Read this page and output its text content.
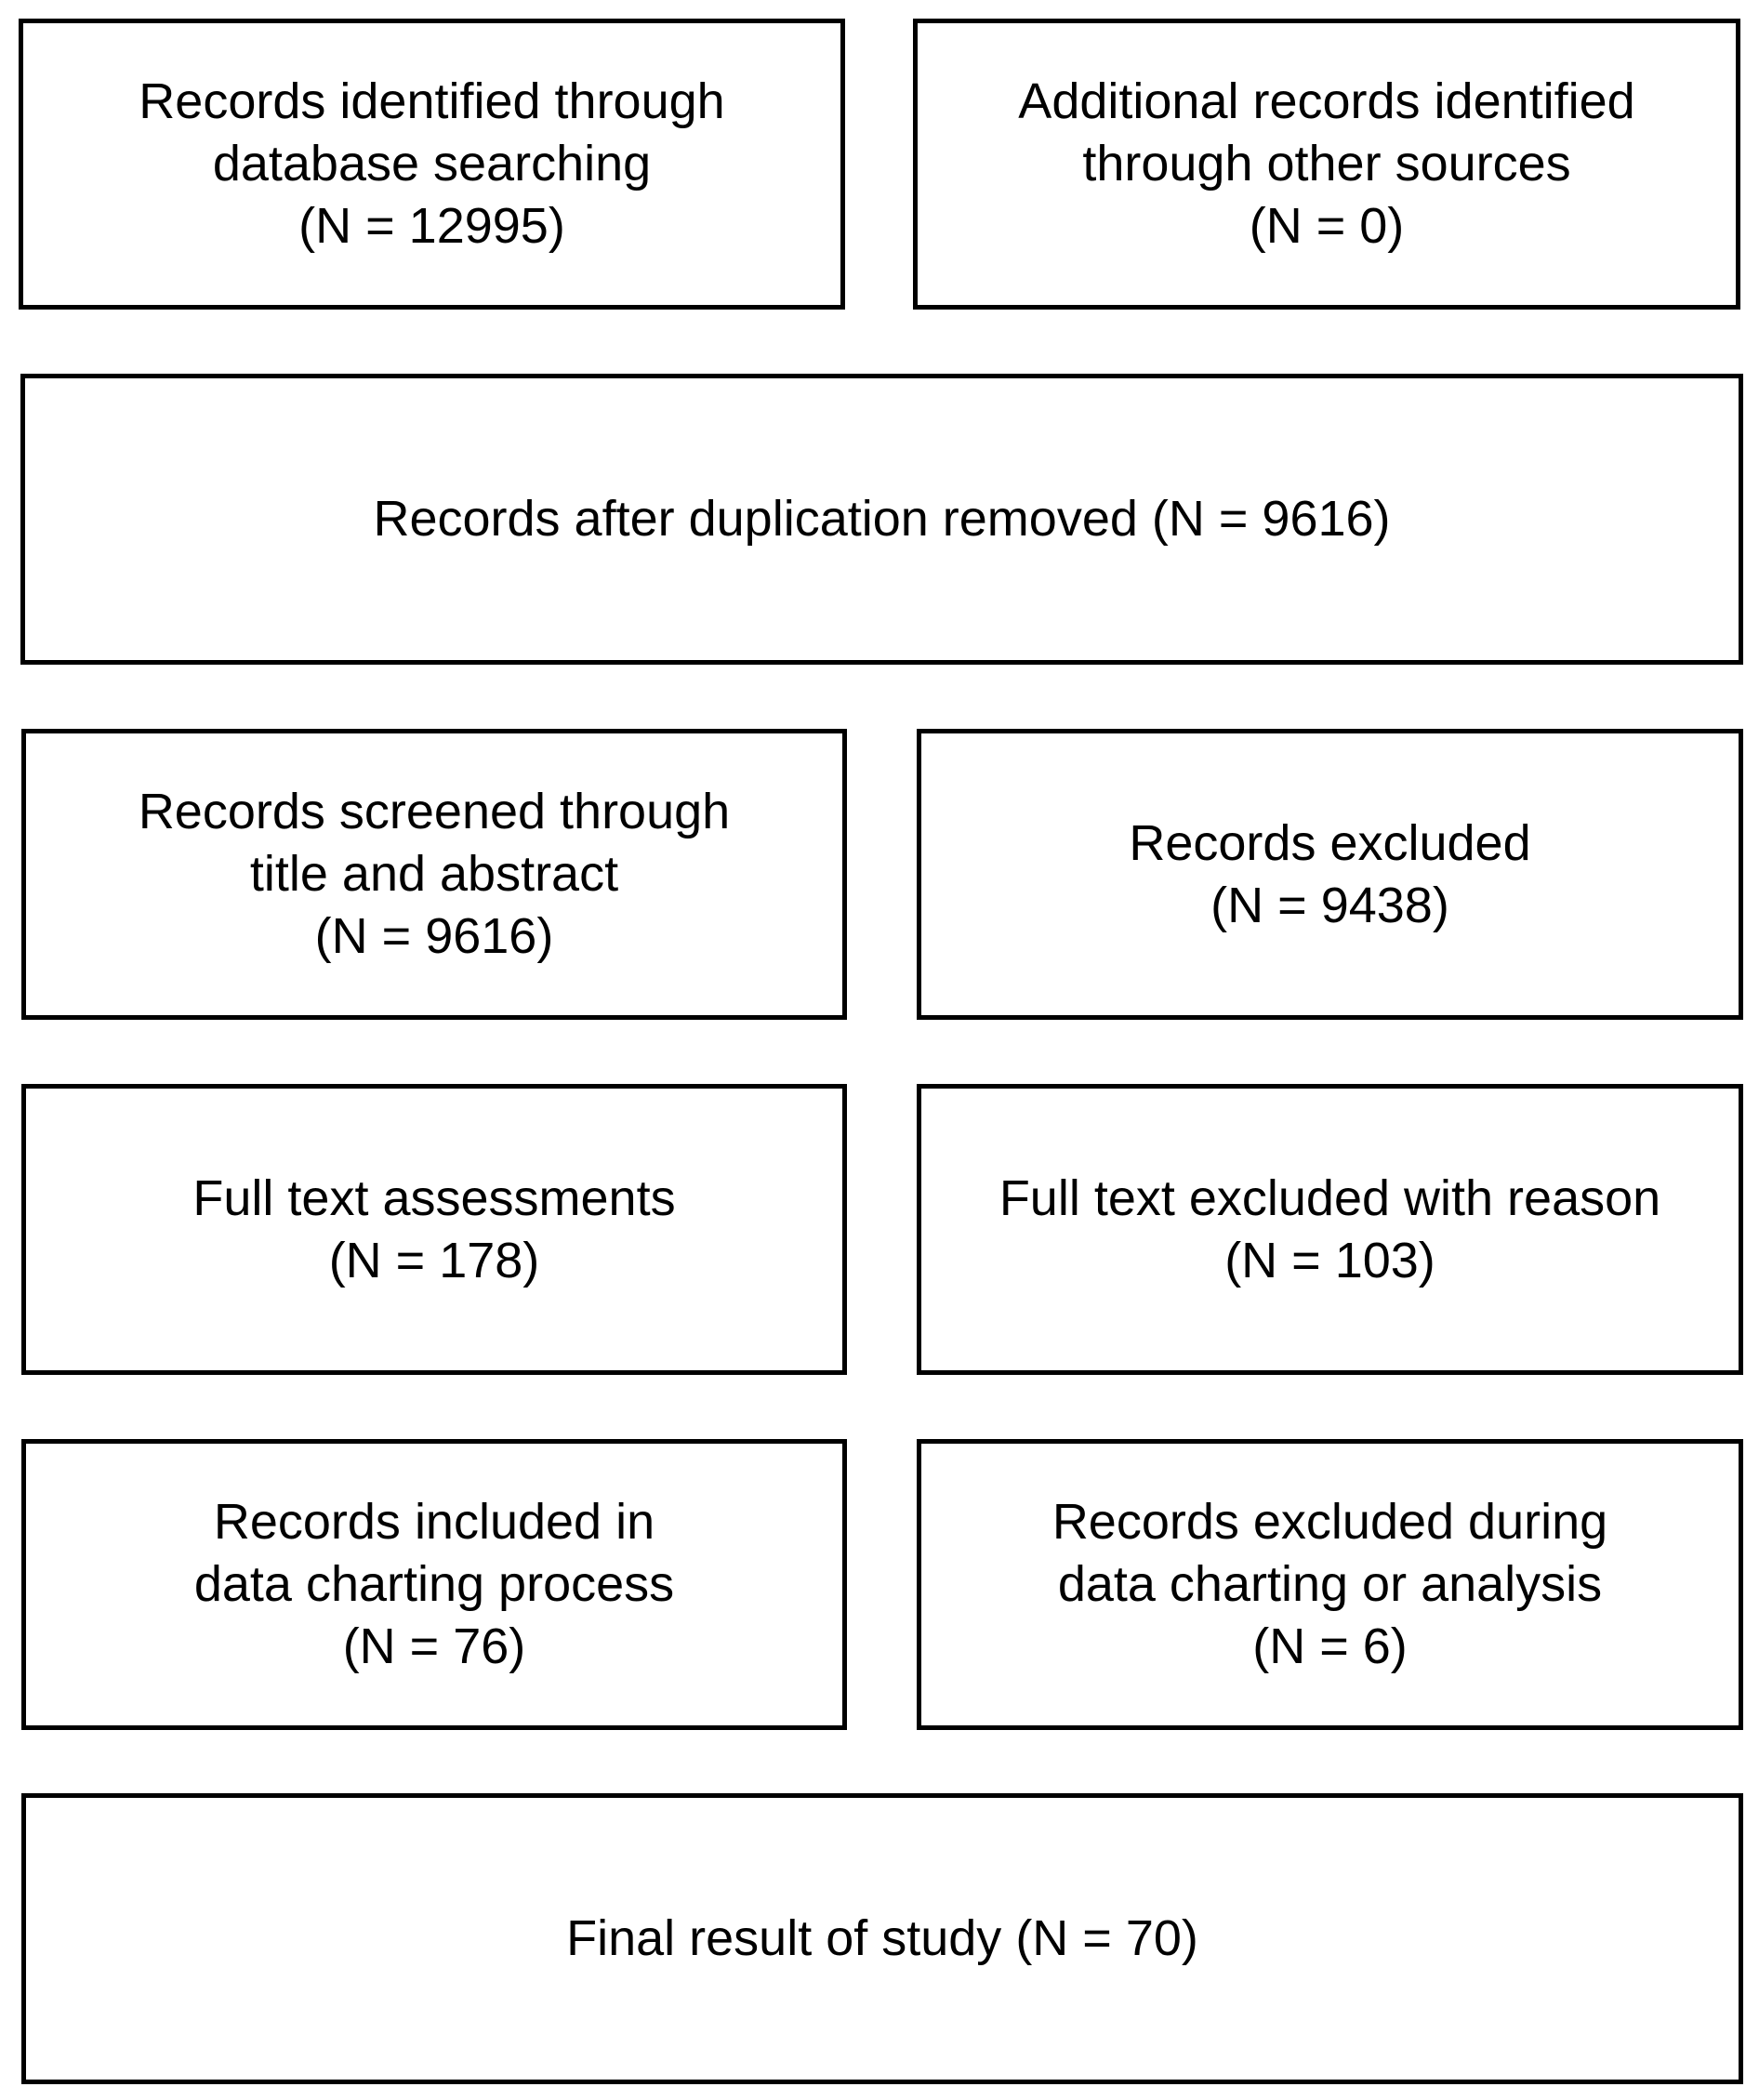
Records identified through
database searching
(N = 12995)
Additional records identified
through other sources
(N = 0)
Records after duplication removed (N = 9616)
Records screened through
title and abstract
(N = 9616)
Records excluded
(N = 9438)
Full text assessments
(N = 178)
Full text excluded with reason
(N = 103)
Records included in
data charting process
(N = 76)
Records excluded during
data charting or analysis
(N = 6)
Final result of study (N = 70)
